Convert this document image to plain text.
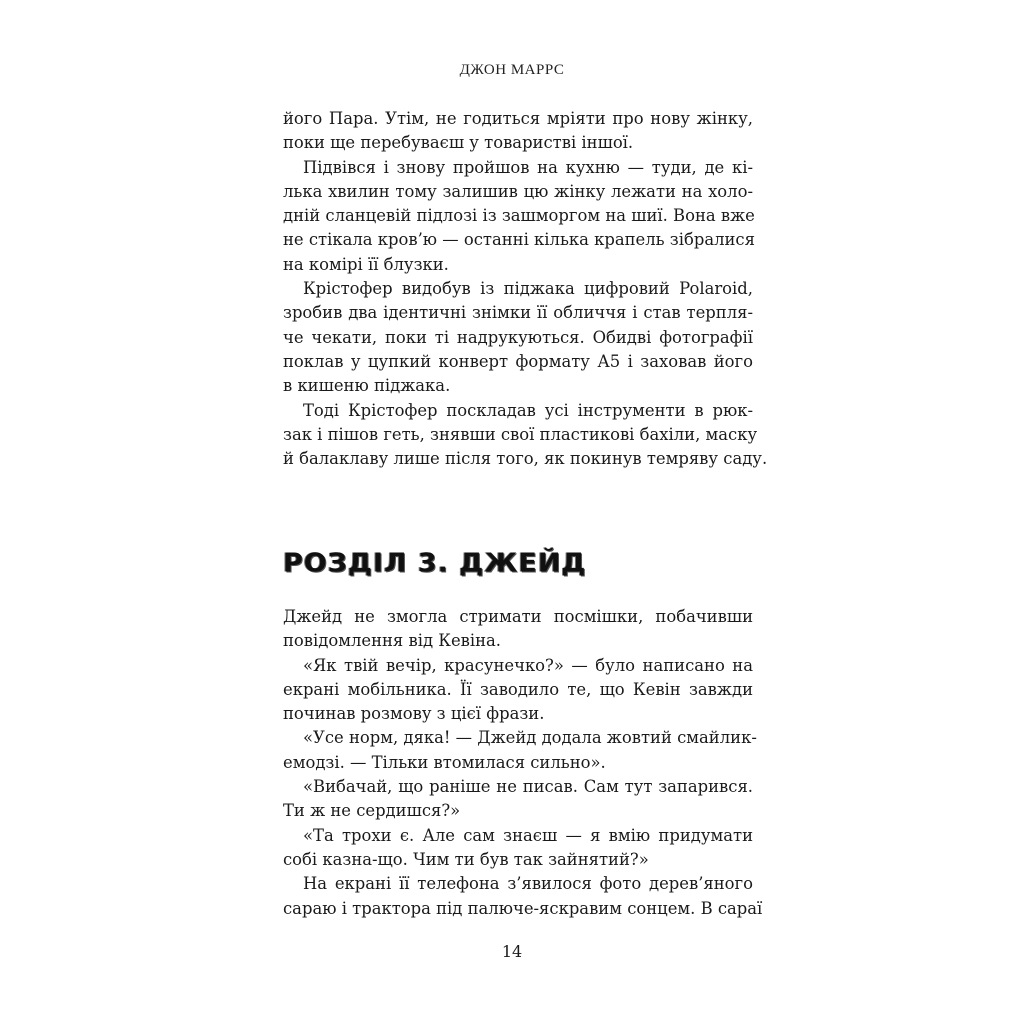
ДЖОН МАРРС
його Пара. Утім, не годиться мріяти про нову жінку,
поки ще перебуваєш у товаристві іншої.
Підвівся і знову пройшов на кухню — туди, де кі-
лька хвилин тому залишив цю жінку лежати на холо-
дній сланцевій підлозі із зашморгом на шиї. Вона вже
не стікала кров’ю — останні кілька крапель зібралися
на комірі її блузки.
Крістофер видобув із піджака цифровий Polaroid,
зробив два ідентичні знімки її обличчя і став терпля-
че чекати, поки ті надрукуються. Обидві фотографії
поклав у цупкий конверт формату А5 і заховав його
в кишеню піджака.
Тоді Крістофер поскладав усі інструменти в рюк-
зак і пішов геть, знявши свої пластикові бахіли, маску
й балаклаву лише після того, як покинув темряву саду.
РОЗДІЛ 3. ДЖЕЙД
Джейд не змогла стримати посмішки, побачивши
повідомлення від Кевіна.
«Як твій вечір, красунечко?» — було написано на
екрані мобільника. Її заводило те, що Кевін завжди
починав розмову з цієї фрази.
«Усе норм, дяка! — Джейд додала жовтий смайлик-
емодзі. — Тільки втомилася сильно».
«Вибачай, що раніше не писав. Сам тут запарився.
Ти ж не сердишся?»
«Та трохи є. Але сам знаєш — я вмію придумати
собі казна-що. Чим ти був так зайнятий?»
На екрані її телефона з’явилося фото дерев’яного
сараю і трактора під палюче-яскравим сонцем. В сараї
14
